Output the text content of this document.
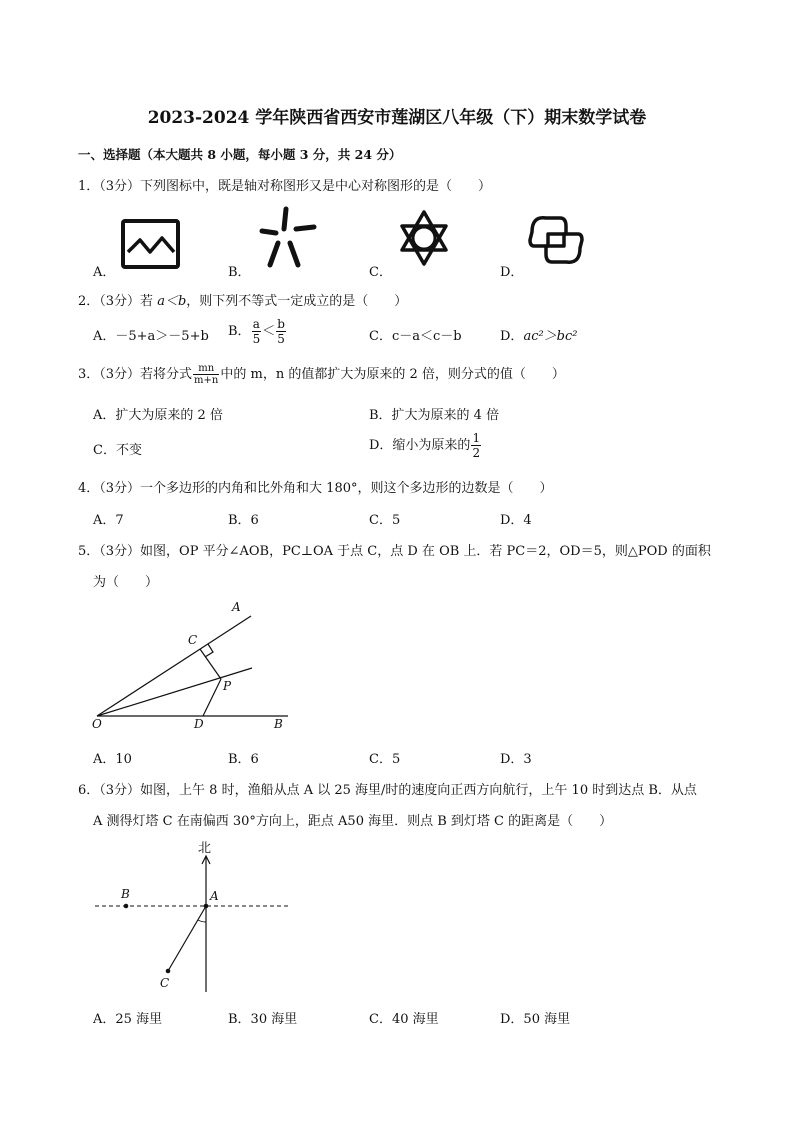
2023-2024 学年陕西省西安市莲湖区八年级（下）期末数学试卷
一、选择题（本大题共 8 小题，每小题 3 分，共 24 分）
1．（3分）下列图标中，既是轴对称图形又是中心对称图形的是（　　）
A．	B．	C．	D．
2．（3分）若 a＜b，则下列不等式一定成立的是（　　）
A．－5+a＞－5+b B． $\frac{a}{5} < \frac{b}{5}$	C．c－a＜c－b	D．ac²＞bc²
3．（3分）若将分式 $\frac{mn}{m+n}$ 中的 m，n 的值都扩大为原来的 2 倍，则分式的值（　　）
A．扩大为原来的 2 倍	B．扩大为原来的 4 倍
C．不变	D．缩小为原来的 $\frac{1}{2}$
4．（3分）一个多边形的内角和比外角和大 180°，则这个多边形的边数是（　　）
A．7	B．6	C．5	D．4
5．（3分）如图，OP 平分∠AOB，PC⊥OA 于点 C，点 D 在 OB 上．若 PC＝2，OD＝5，则△POD 的面积
为（　　）
A
C
P
O	D	B
A．10	B．6	C．5	D．3
6．（3分）如图，上午 8 时，渔船从点 A 以 25 海里/时的速度向正西方向航行，上午 10 时到达点 B．从点
A 测得灯塔 C 在南偏西 30°方向上，距点 A50 海里．则点 B 到灯塔 C 的距离是（　　）
北
B	A
C
A．25 海里	B．30 海里	C．40 海里	D．50 海里
